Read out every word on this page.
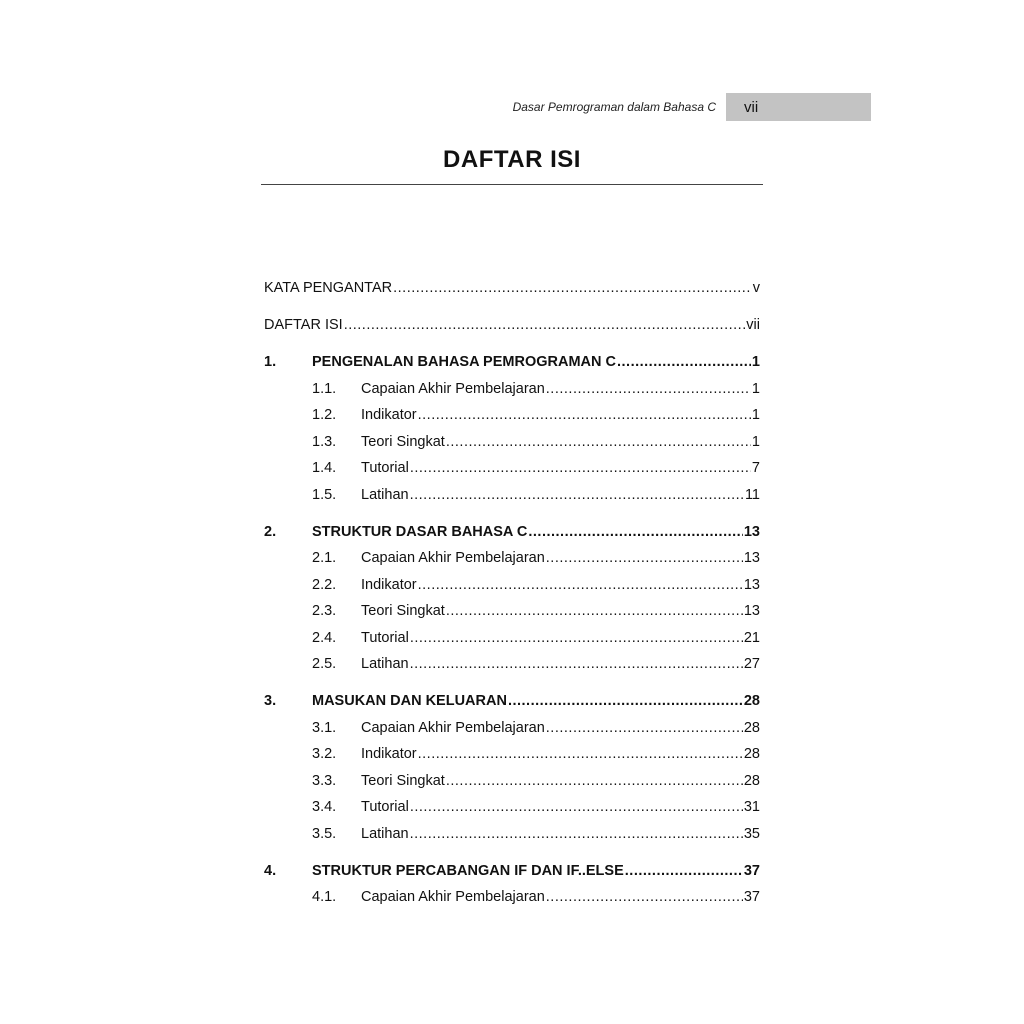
Dasar Pemrograman dalam Bahasa C vii
DAFTAR ISI
KATA PENGANTAR .....	v
DAFTAR ISI .....	vii
1.	PENGENALAN BAHASA PEMROGRAMAN C .....	1
1.1.	Capaian Akhir Pembelajaran .....	1
1.2.	Indikator .....	1
1.3.	Teori Singkat .....	1
1.4.	Tutorial .....	7
1.5.	Latihan .....	11
2.	STRUKTUR DASAR BAHASA C .....	13
2.1.	Capaian Akhir Pembelajaran .....	13
2.2.	Indikator .....	13
2.3.	Teori Singkat .....	13
2.4.	Tutorial .....	21
2.5.	Latihan .....	27
3.	MASUKAN DAN KELUARAN .....	28
3.1.	Capaian Akhir Pembelajaran .....	28
3.2.	Indikator .....	28
3.3.	Teori Singkat .....	28
3.4.	Tutorial .....	31
3.5.	Latihan .....	35
4.	STRUKTUR PERCABANGAN IF DAN IF..ELSE .....	37
4.1.	Capaian Akhir Pembelajaran .....	37
